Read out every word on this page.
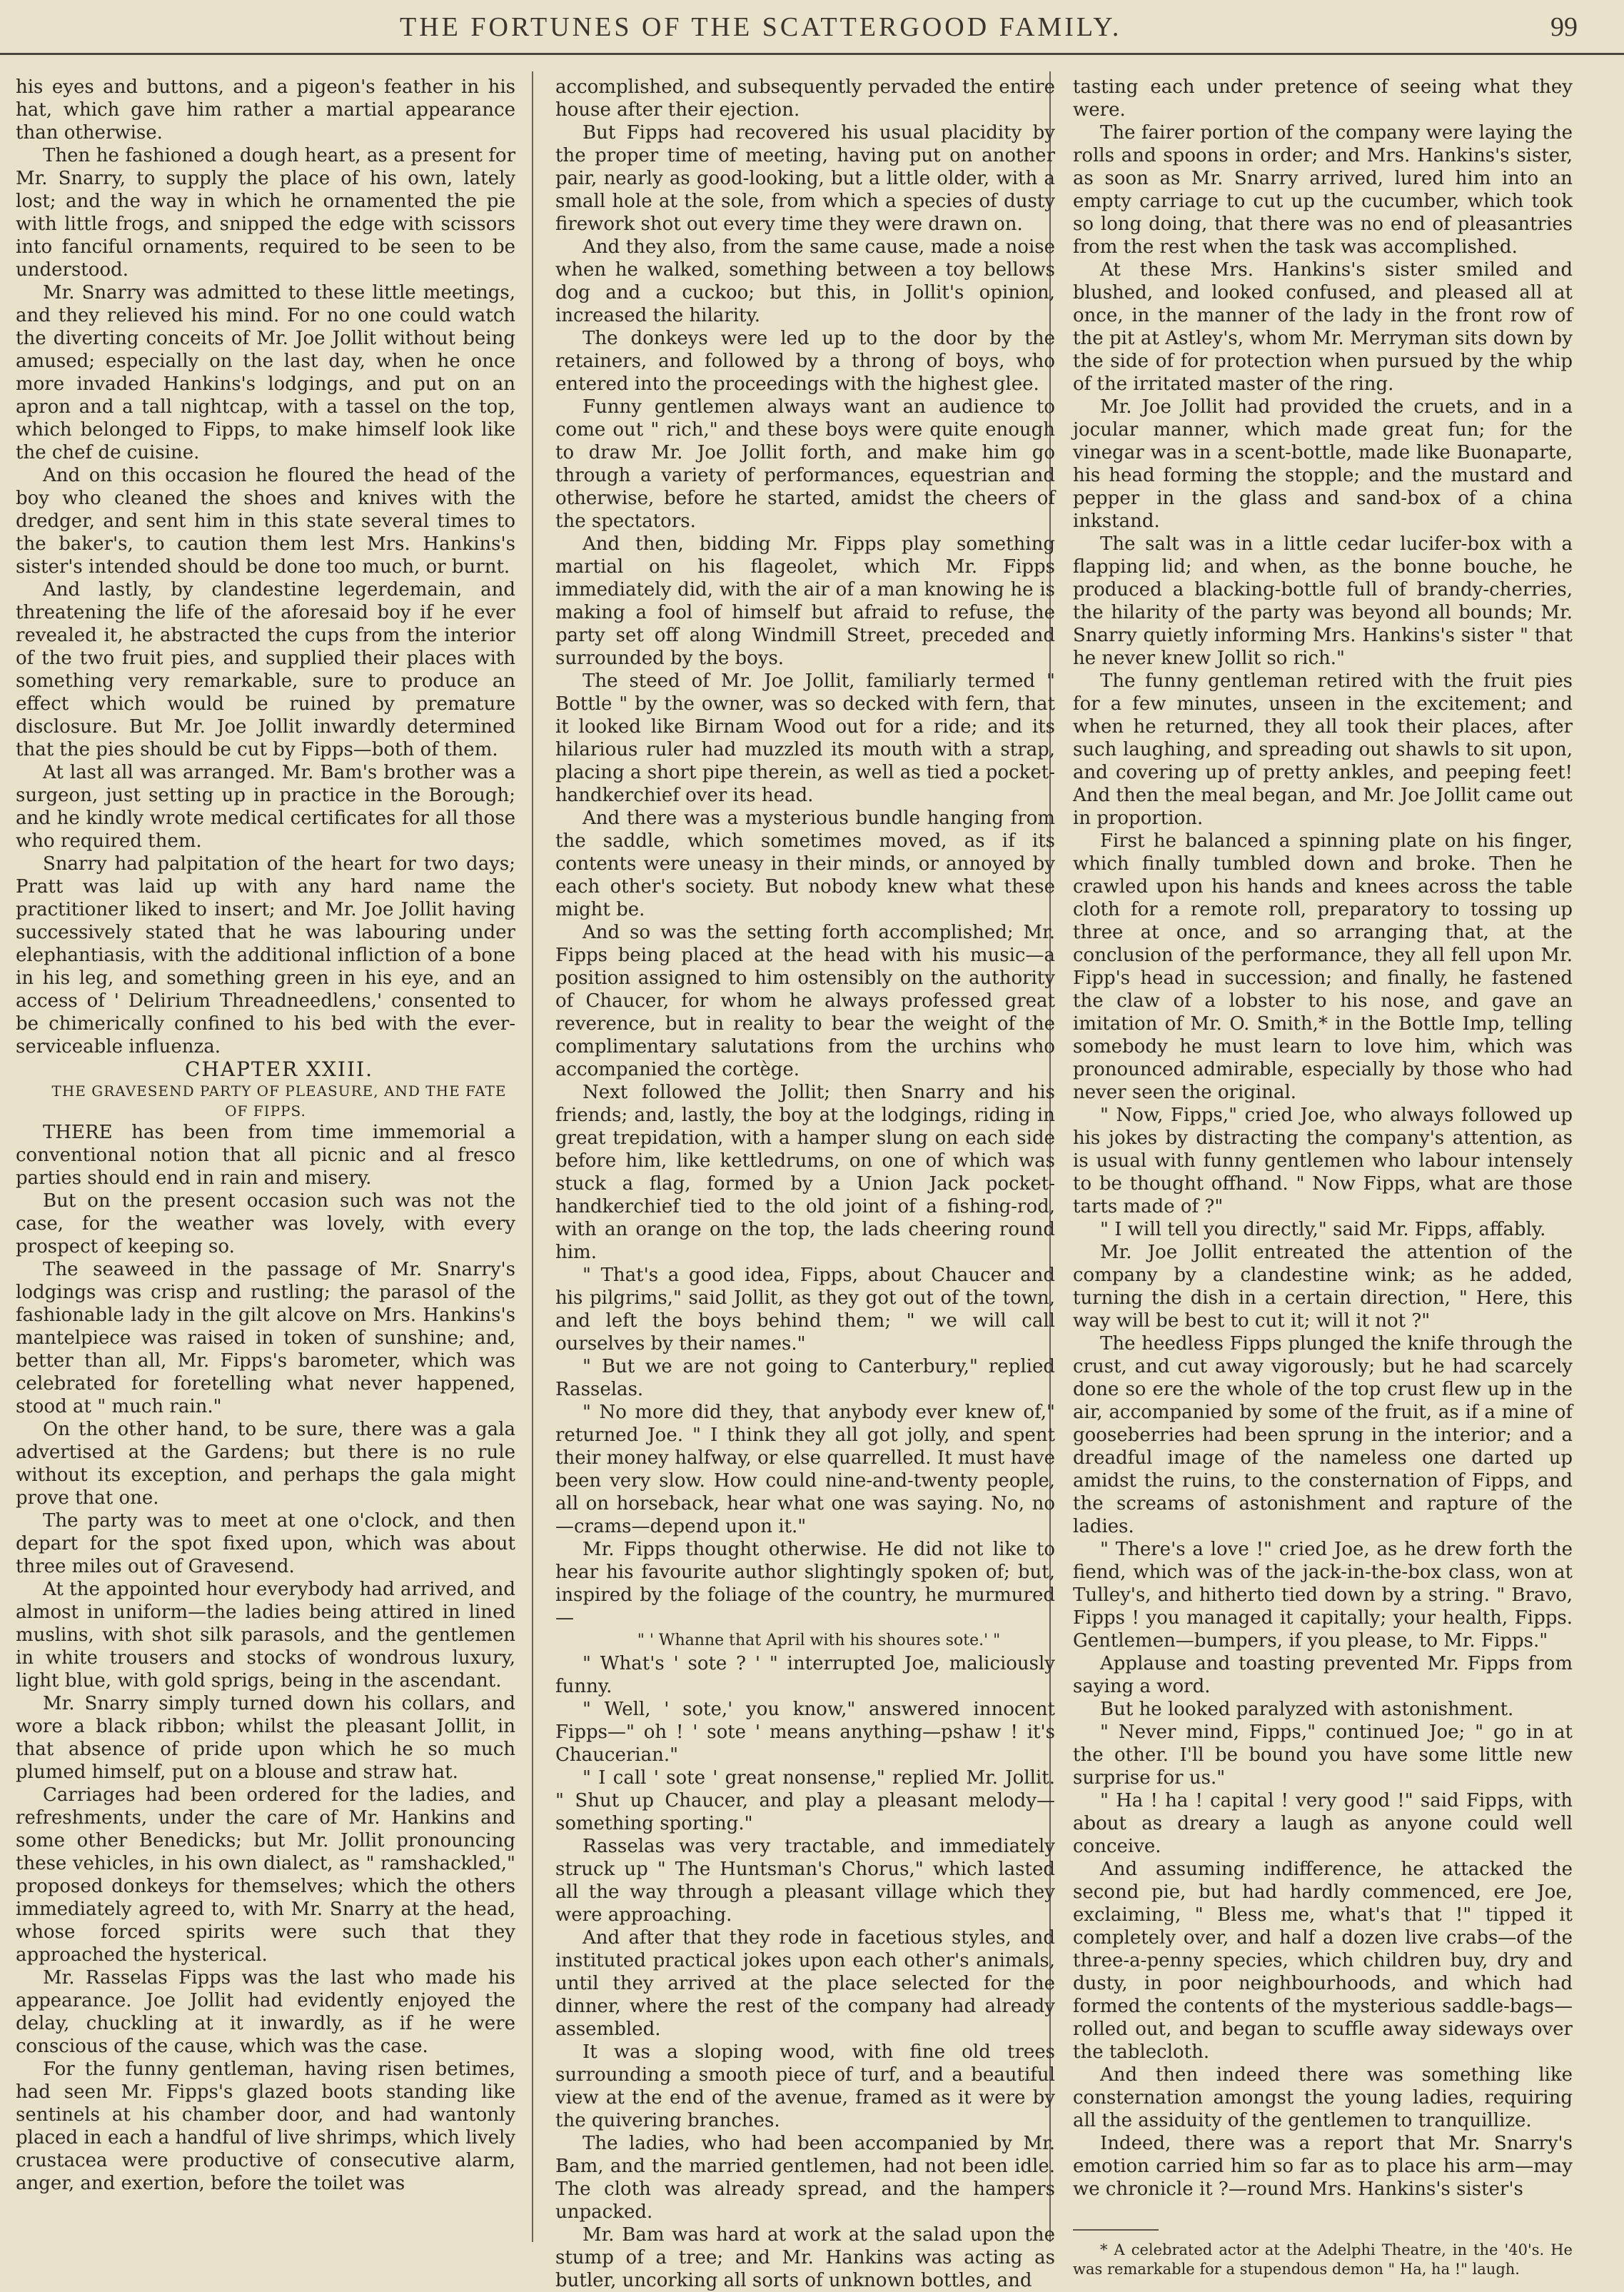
THE FORTUNES OF THE SCATTERGOOD FAMILY.	99

his eyes and buttons, and a pigeon's feather in his hat, which gave him rather a martial appearance than otherwise.

Then he fashioned a dough heart, as a present for Mr. Snarry, to supply the place of his own, lately lost; and the way in which he ornamented the pie with little frogs, and snipped the edge with scissors into fanciful ornaments, required to be seen to be understood.

Mr. Snarry was admitted to these little meetings, and they relieved his mind. For no one could watch the diverting conceits of Mr. Joe Jollit without being amused; especially on the last day, when he once more invaded Hankins's lodgings, and put on an apron and a tall nightcap, with a tassel on the top, which belonged to Fipps, to make himself look like the chef de cuisine.

And on this occasion he floured the head of the boy who cleaned the shoes and knives with the dredger, and sent him in this state several times to the baker's, to caution them lest Mrs. Hankins's sister's intended should be done too much, or burnt.

And lastly, by clandestine legerdemain, and threatening the life of the aforesaid boy if he ever revealed it, he abstracted the cups from the interior of the two fruit pies, and supplied their places with something very remarkable, sure to produce an effect which would be ruined by premature disclosure. But Mr. Joe Jollit inwardly determined that the pies should be cut by Fipps—both of them.

At last all was arranged. Mr. Bam's brother was a surgeon, just setting up in practice in the Borough; and he kindly wrote medical certificates for all those who required them.

Snarry had palpitation of the heart for two days; Pratt was laid up with any hard name the practitioner liked to insert; and Mr. Joe Jollit having successively stated that he was labouring under elephantiasis, with the additional infliction of a bone in his leg, and something green in his eye, and an access of ' Delirium Threadneedlens,' consented to be chimerically confined to his bed with the ever-serviceable influenza.

CHAPTER XXIII.

THE GRAVESEND PARTY OF PLEASURE, AND THE FATE OF FIPPS.

THERE has been from time immemorial a conventional notion that all picnic and al fresco parties should end in rain and misery.

But on the present occasion such was not the case, for the weather was lovely, with every prospect of keeping so.

The seaweed in the passage of Mr. Snarry's lodgings was crisp and rustling; the parasol of the fashionable lady in the gilt alcove on Mrs. Hankins's mantelpiece was raised in token of sunshine; and, better than all, Mr. Fipps's barometer, which was celebrated for foretelling what never happened, stood at " much rain."

On the other hand, to be sure, there was a gala advertised at the Gardens; but there is no rule without its exception, and perhaps the gala might prove that one.

The party was to meet at one o'clock, and then depart for the spot fixed upon, which was about three miles out of Gravesend.

At the appointed hour everybody had arrived, and almost in uniform—the ladies being attired in lined muslins, with shot silk parasols, and the gentlemen in white trousers and stocks of wondrous luxury, light blue, with gold sprigs, being in the ascendant.

Mr. Snarry simply turned down his collars, and wore a black ribbon; whilst the pleasant Jollit, in that absence of pride upon which he so much plumed himself, put on a blouse and straw hat.

Carriages had been ordered for the ladies, and refreshments, under the care of Mr. Hankins and some other Benedicks; but Mr. Jollit pronouncing these vehicles, in his own dialect, as " ramshackled," proposed donkeys for themselves; which the others immediately agreed to, with Mr. Snarry at the head, whose forced spirits were such that they approached the hysterical.

Mr. Rasselas Fipps was the last who made his appearance. Joe Jollit had evidently enjoyed the delay, chuckling at it inwardly, as if he were conscious of the cause, which was the case.

For the funny gentleman, having risen betimes, had seen Mr. Fipps's glazed boots standing like sentinels at his chamber door, and had wantonly placed in each a handful of live shrimps, which lively crustacea were productive of consecutive alarm, anger, and exertion, before the toilet was

accomplished, and subsequently pervaded the entire house after their ejection.

But Fipps had recovered his usual placidity by the proper time of meeting, having put on another pair, nearly as good-looking, but a little older, with a small hole at the sole, from which a species of dusty firework shot out every time they were drawn on.

And they also, from the same cause, made a noise when he walked, something between a toy bellows dog and a cuckoo; but this, in Jollit's opinion, increased the hilarity.

The donkeys were led up to the door by the retainers, and followed by a throng of boys, who entered into the proceedings with the highest glee.

Funny gentlemen always want an audience to come out " rich," and these boys were quite enough to draw Mr. Joe Jollit forth, and make him go through a variety of performances, equestrian and otherwise, before he started, amidst the cheers of the spectators.

And then, bidding Mr. Fipps play something martial on his flageolet, which Mr. Fipps immediately did, with the air of a man knowing he is making a fool of himself but afraid to refuse, the party set off along Windmill Street, preceded and surrounded by the boys.

The steed of Mr. Joe Jollit, familiarly termed " Bottle " by the owner, was so decked with fern, that it looked like Birnam Wood out for a ride; and its hilarious ruler had muzzled its mouth with a strap, placing a short pipe therein, as well as tied a pocket-handkerchief over its head.

And there was a mysterious bundle hanging from the saddle, which sometimes moved, as if its contents were uneasy in their minds, or annoyed by each other's society. But nobody knew what these might be.

And so was the setting forth accomplished; Mr. Fipps being placed at the head with his music—a position assigned to him ostensibly on the authority of Chaucer, for whom he always professed great reverence, but in reality to bear the weight of the complimentary salutations from the urchins who accompanied the cortège.

Next followed the Jollit; then Snarry and his friends; and, lastly, the boy at the lodgings, riding in great trepidation, with a hamper slung on each side before him, like kettledrums, on one of which was stuck a flag, formed by a Union Jack pocket-handkerchief tied to the old joint of a fishing-rod, with an orange on the top, the lads cheering round him.

" That's a good idea, Fipps, about Chaucer and his pilgrims," said Jollit, as they got out of the town, and left the boys behind them; " we will call ourselves by their names."

" But we are not going to Canterbury," replied Rasselas.

" No more did they, that anybody ever knew of," returned Joe. " I think they all got jolly, and spent their money halfway, or else quarrelled. It must have been very slow. How could nine-and-twenty people, all on horseback, hear what one was saying. No, no—crams—depend upon it."

Mr. Fipps thought otherwise. He did not like to hear his favourite author slightingly spoken of; but, inspired by the foliage of the country, he murmured—

" ' Whanne that April with his shoures sote.' "

" What's ' sote ? ' " interrupted Joe, maliciously funny.

" Well, ' sote,' you know," answered innocent Fipps—" oh ! ' sote ' means anything—pshaw ! it's Chaucerian."

" I call ' sote ' great nonsense," replied Mr. Jollit. " Shut up Chaucer, and play a pleasant melody—something sporting."

Rasselas was very tractable, and immediately struck up " The Huntsman's Chorus," which lasted all the way through a pleasant village which they were approaching.

And after that they rode in facetious styles, and instituted practical jokes upon each other's animals, until they arrived at the place selected for the dinner, where the rest of the company had already assembled.

It was a sloping wood, with fine old trees surrounding a smooth piece of turf, and a beautiful view at the end of the avenue, framed as it were by the quivering branches.

The ladies, who had been accompanied by Mr. Bam, and the married gentlemen, had not been idle. The cloth was already spread, and the hampers unpacked.

Mr. Bam was hard at work at the salad upon the stump of a tree; and Mr. Hankins was acting as butler, uncorking all sorts of unknown bottles, and

tasting each under pretence of seeing what they were.

The fairer portion of the company were laying the rolls and spoons in order; and Mrs. Hankins's sister, as soon as Mr. Snarry arrived, lured him into an empty carriage to cut up the cucumber, which took so long doing, that there was no end of pleasantries from the rest when the task was accomplished.

At these Mrs. Hankins's sister smiled and blushed, and looked confused, and pleased all at once, in the manner of the lady in the front row of the pit at Astley's, whom Mr. Merryman sits down by the side of for protection when pursued by the whip of the irritated master of the ring.

Mr. Joe Jollit had provided the cruets, and in a jocular manner, which made great fun; for the vinegar was in a scent-bottle, made like Buonaparte, his head forming the stopple; and the mustard and pepper in the glass and sand-box of a china inkstand.

The salt was in a little cedar lucifer-box with a flapping lid; and when, as the bonne bouche, he produced a blacking-bottle full of brandy-cherries, the hilarity of the party was beyond all bounds; Mr. Snarry quietly informing Mrs. Hankins's sister " that he never knew Jollit so rich."

The funny gentleman retired with the fruit pies for a few minutes, unseen in the excitement; and when he returned, they all took their places, after such laughing, and spreading out shawls to sit upon, and covering up of pretty ankles, and peeping feet! And then the meal began, and Mr. Joe Jollit came out in proportion.

First he balanced a spinning plate on his finger, which finally tumbled down and broke. Then he crawled upon his hands and knees across the table cloth for a remote roll, preparatory to tossing up three at once, and so arranging that, at the conclusion of the performance, they all fell upon Mr. Fipp's head in succession; and finally, he fastened the claw of a lobster to his nose, and gave an imitation of Mr. O. Smith,* in the Bottle Imp, telling somebody he must learn to love him, which was pronounced admirable, especially by those who had never seen the original.

" Now, Fipps," cried Joe, who always followed up his jokes by distracting the company's attention, as is usual with funny gentlemen who labour intensely to be thought offhand. " Now Fipps, what are those tarts made of ?"

" I will tell you directly," said Mr. Fipps, affably.

Mr. Joe Jollit entreated the attention of the company by a clandestine wink; as he added, turning the dish in a certain direction, " Here, this way will be best to cut it; will it not ?"

The heedless Fipps plunged the knife through the crust, and cut away vigorously; but he had scarcely done so ere the whole of the top crust flew up in the air, accompanied by some of the fruit, as if a mine of gooseberries had been sprung in the interior; and a dreadful image of the nameless one darted up amidst the ruins, to the consternation of Fipps, and the screams of astonishment and rapture of the ladies.

" There's a love !" cried Joe, as he drew forth the fiend, which was of the jack-in-the-box class, won at Tulley's, and hitherto tied down by a string. " Bravo, Fipps ! you managed it capitally; your health, Fipps. Gentlemen—bumpers, if you please, to Mr. Fipps."

Applause and toasting prevented Mr. Fipps from saying a word.

But he looked paralyzed with astonishment.

" Never mind, Fipps," continued Joe; " go in at the other. I'll be bound you have some little new surprise for us."

" Ha ! ha ! capital ! very good !" said Fipps, with about as dreary a laugh as anyone could well conceive.

And assuming indifference, he attacked the second pie, but had hardly commenced, ere Joe, exclaiming, " Bless me, what's that !" tipped it completely over, and half a dozen live crabs—of the three-a-penny species, which children buy, dry and dusty, in poor neighbourhoods, and which had formed the contents of the mysterious saddle-bags—rolled out, and began to scuffle away sideways over the tablecloth.

And then indeed there was something like consternation amongst the young ladies, requiring all the assiduity of the gentlemen to tranquillize.

Indeed, there was a report that Mr. Snarry's emotion carried him so far as to place his arm—may we chronicle it ?—round Mrs. Hankins's sister's

* A celebrated actor at the Adelphi Theatre, in the '40's. He was remarkable for a stupendous demon " Ha, ha !" laugh.
